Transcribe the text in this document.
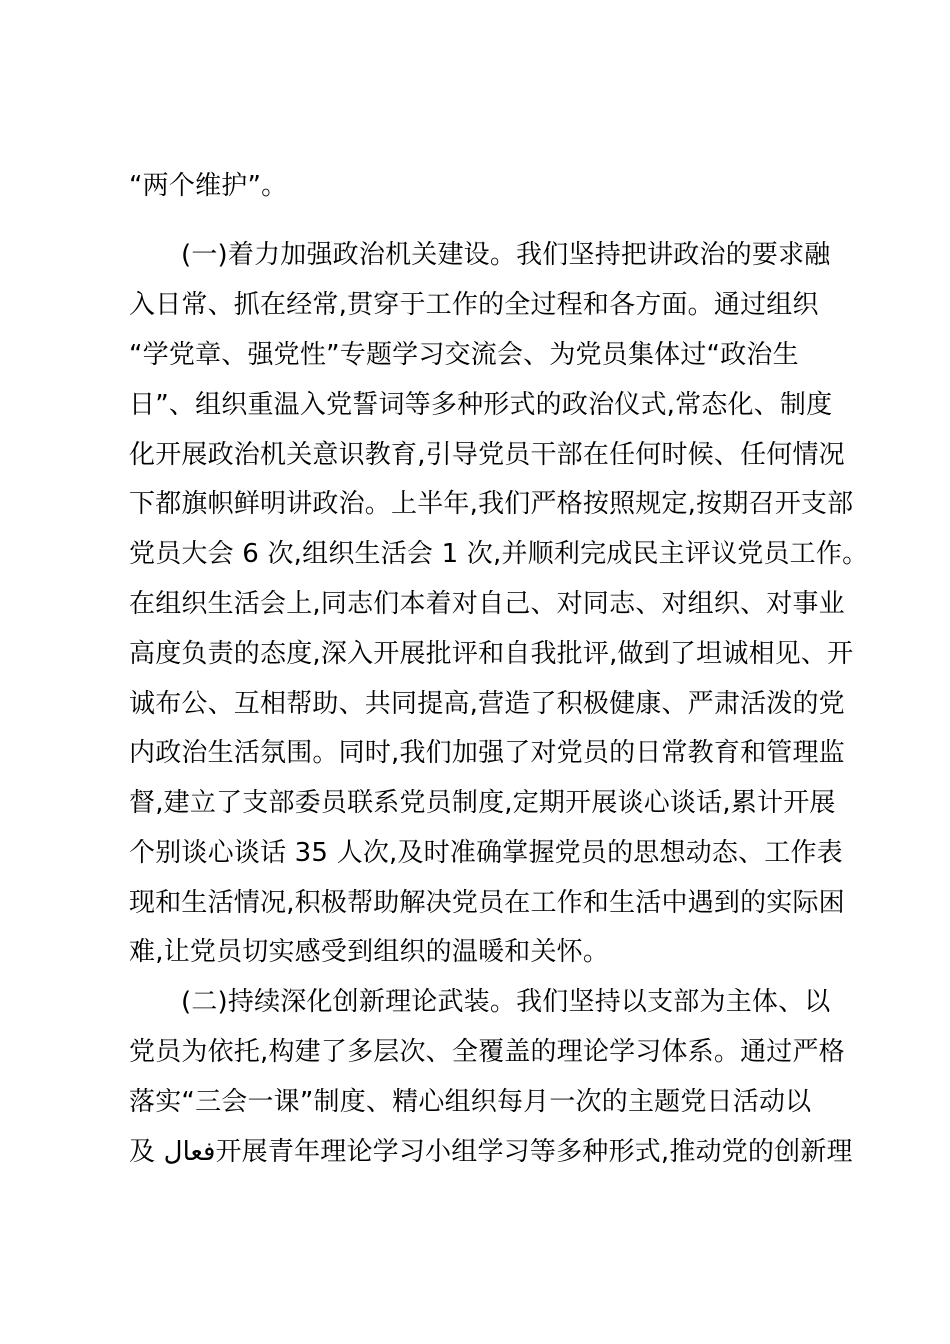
“两个维护”。
(一)着力加强政治机关建设。我们坚持把讲政治的要求融
入日常、抓在经常,贯穿于工作的全过程和各方面。通过组织
“学党章、强党性”专题学习交流会、为党员集体过“政治生
日”、组织重温入党誓词等多种形式的政治仪式,常态化、制度
化开展政治机关意识教育,引导党员干部在任何时候、任何情况
下都旗帜鲜明讲政治。上半年,我们严格按照规定,按期召开支部
党员大会 6 次,组织生活会 1 次,并顺利完成民主评议党员工作。
在组织生活会上,同志们本着对自己、对同志、对组织、对事业
高度负责的态度,深入开展批评和自我批评,做到了坦诚相见、开
诚布公、互相帮助、共同提高,营造了积极健康、严肃活泼的党
内政治生活氛围。同时,我们加强了对党员的日常教育和管理监
督,建立了支部委员联系党员制度,定期开展谈心谈话,累计开展
个别谈心谈话 35 人次,及时准确掌握党员的思想动态、工作表
现和生活情况,积极帮助解决党员在工作和生活中遇到的实际困
难,让党员切实感受到组织的温暖和关怀。
(二)持续深化创新理论武装。我们坚持以支部为主体、以
党员为依托,构建了多层次、全覆盖的理论学习体系。通过严格
落实“三会一课”制度、精心组织每月一次的主题党日活动以
及 فعال开展青年理论学习小组学习等多种形式,推动党的创新理
